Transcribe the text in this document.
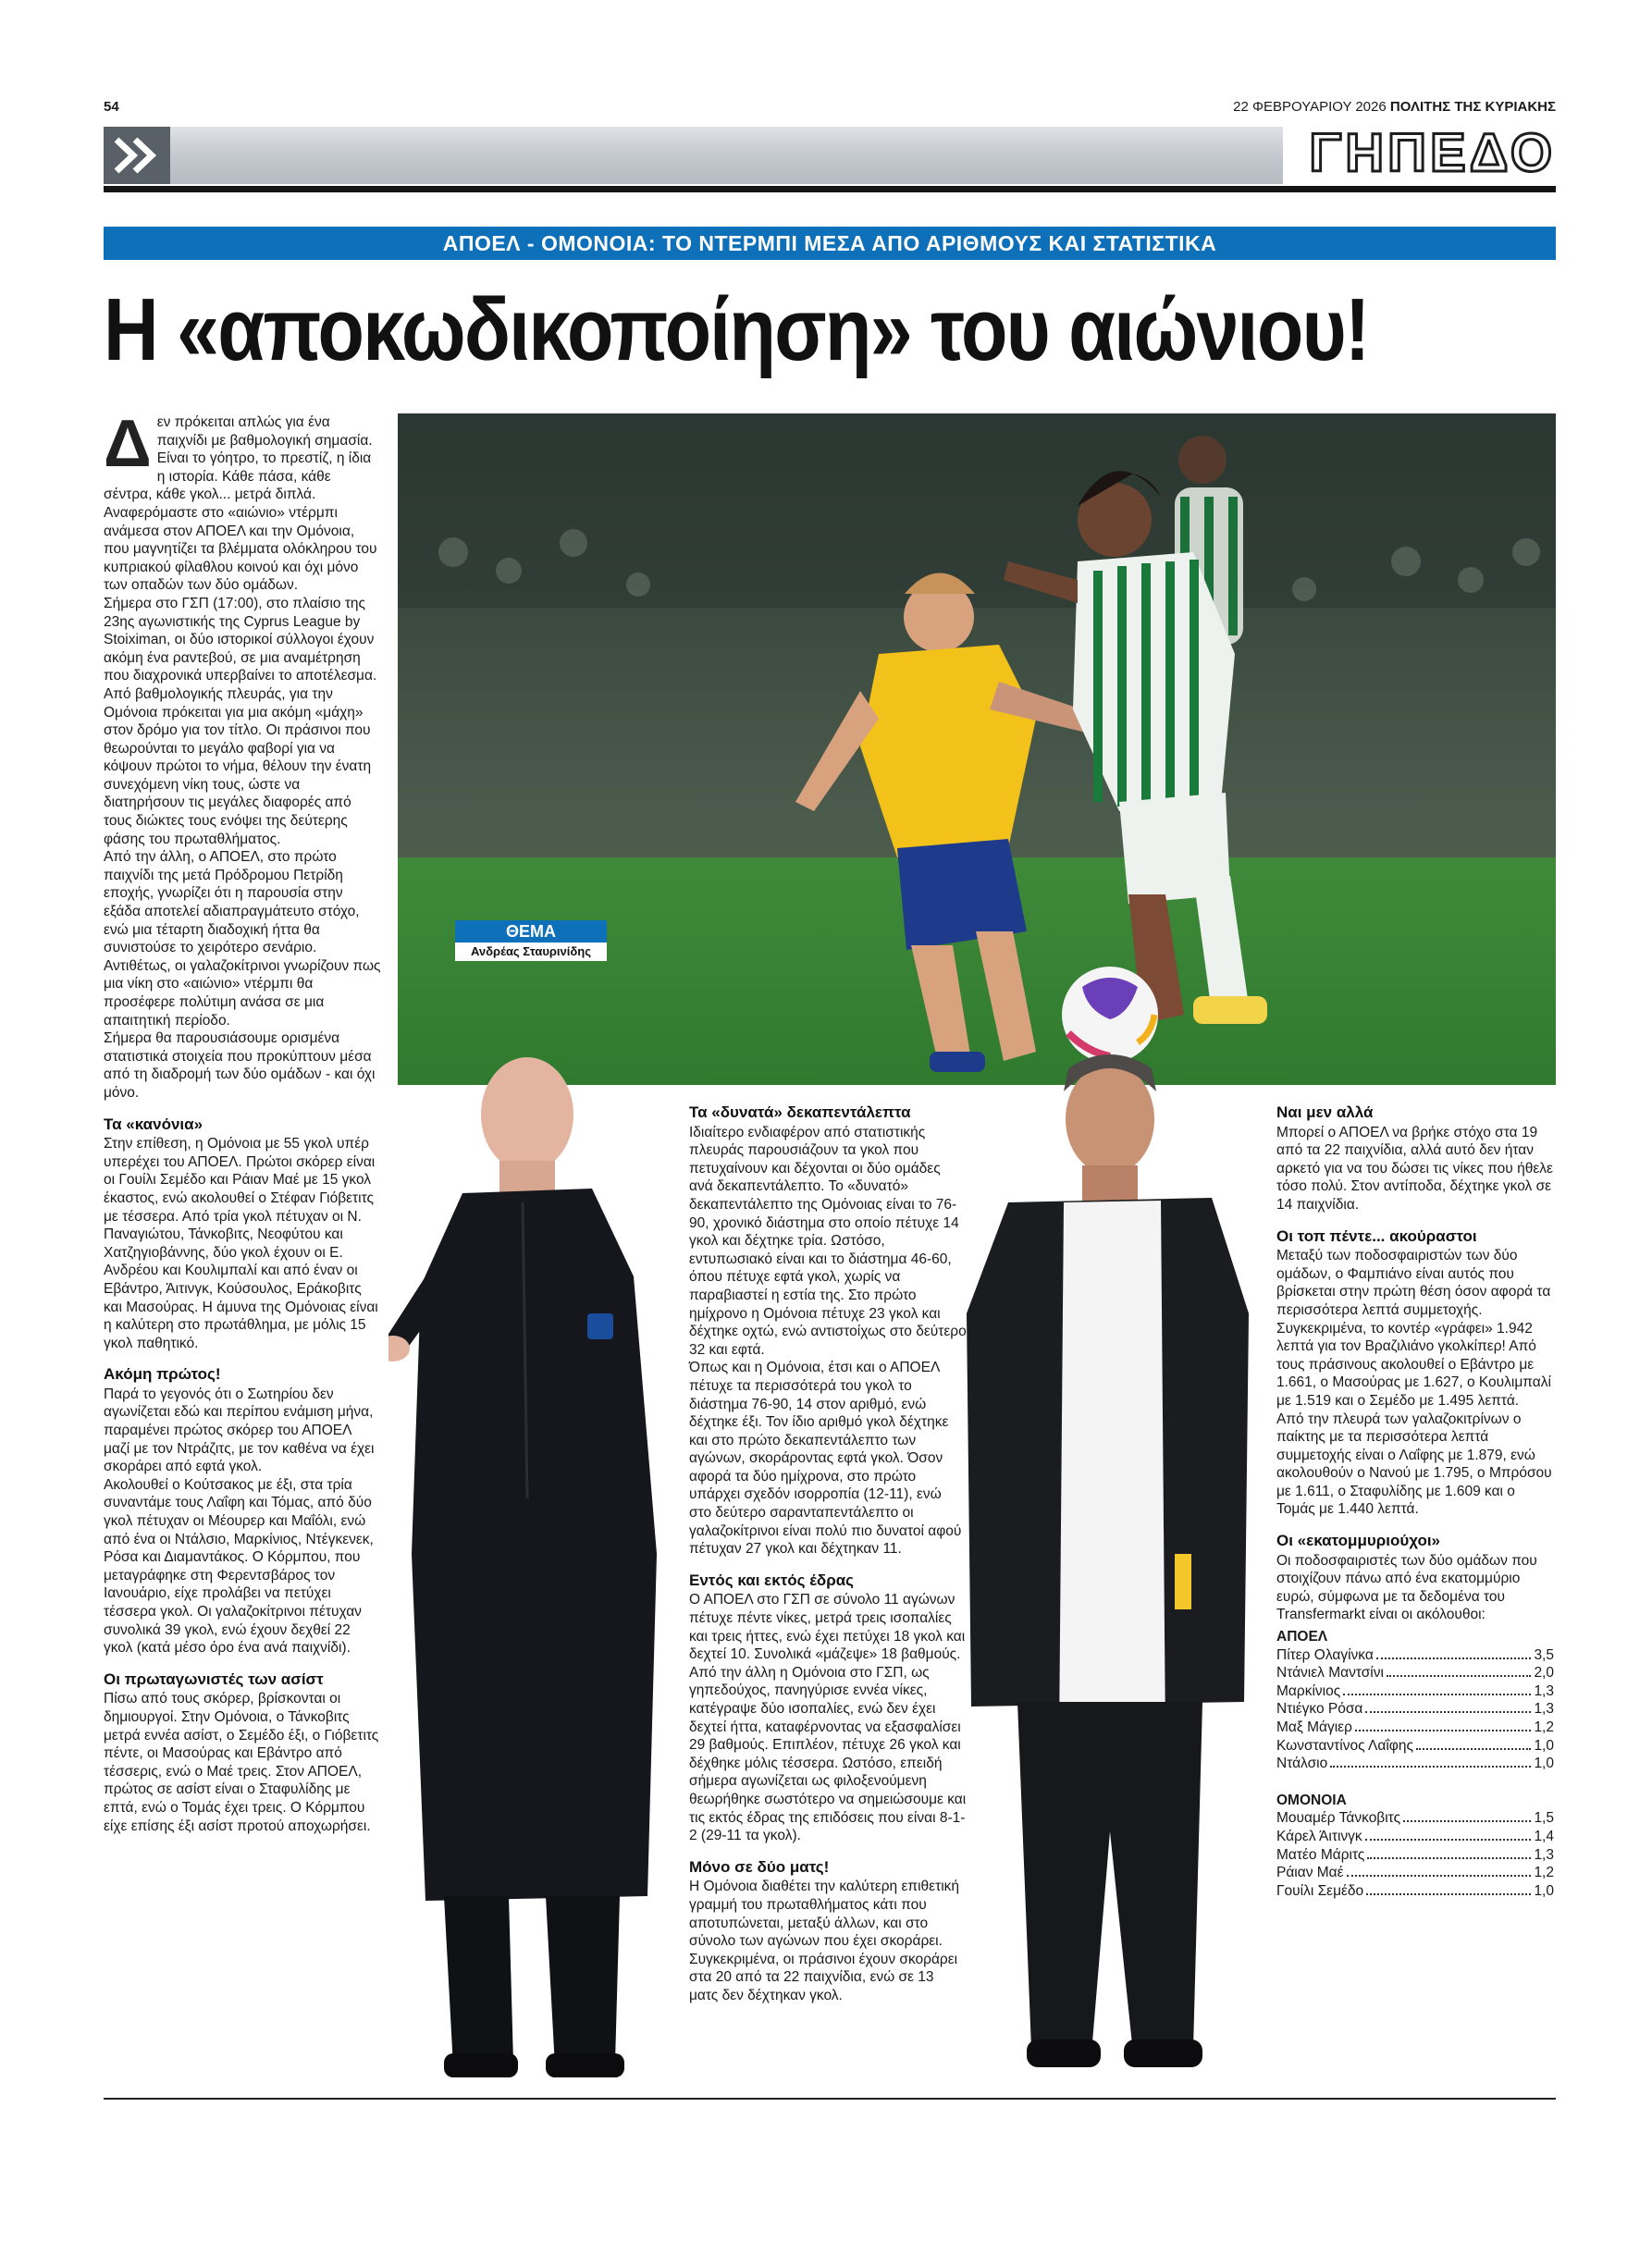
54	22 ΦΕΒΡΟΥΑΡΙΟΥ 2026 ΠΟΛΙΤΗΣ ΤΗΣ ΚΥΡΙΑΚΗΣ
ΓΗΠΕΔΟ
ΑΠΟΕΛ - ΟΜΟΝΟΙΑ: ΤΟ ΝΤΕΡΜΠΙ ΜΕΣΑ ΑΠΟ ΑΡΙΘΜΟΥΣ ΚΑΙ ΣΤΑΤΙΣΤΙΚΑ
Η «αποκωδικοποίηση» του αιώνιου!
ΘΕΜΑ
Ανδρέας Σταυρινίδης

Δεν πρόκειται απλώς για ένα παιχνίδι με βαθμολογική σημασία. Είναι το γόητρο, το πρεστίζ, η ίδια η ιστορία. Κάθε πάσα, κάθε σέντρα, κάθε γκολ... μετρά διπλά. Αναφερόμαστε στο «αιώνιο» ντέρμπι ανάμεσα στον ΑΠΟΕΛ και την Ομόνοια, που μαγνητίζει τα βλέμματα ολόκληρου του κυπριακού φίλαθλου κοινού και όχι μόνο των οπαδών των δύο ομάδων.

Σήμερα στο ΓΣΠ (17:00), στο πλαίσιο της 23ης αγωνιστικής της Cyprus League by Stoiximan, οι δύο ιστορικοί σύλλογοι έχουν ακόμη ένα ραντεβού, σε μια αναμέτρηση που διαχρονικά υπερβαίνει το αποτέλεσμα.

Από βαθμολογικής πλευράς, για την Ομόνοια πρόκειται για μια ακόμη «μάχη» στον δρόμο για τον τίτλο. Οι πράσινοι που θεωρούνται το μεγάλο φαβορί για να κόψουν πρώτοι το νήμα, θέλουν την ένατη συνεχόμενη νίκη τους, ώστε να διατηρήσουν τις μεγάλες διαφορές από τους διώκτες τους ενόψει της δεύτερης φάσης του πρωταθλήματος.

Από την άλλη, ο ΑΠΟΕΛ, στο πρώτο παιχνίδι της μετά Πρόδρομου Πετρίδη εποχής, γνωρίζει ότι η παρουσία στην εξάδα αποτελεί αδιαπραγμάτευτο στόχο, ενώ μια τέταρτη διαδοχική ήττα θα συνιστούσε το χειρότερο σενάριο. Αντιθέτως, οι γαλαζοκίτρινοι γνωρίζουν πως μια νίκη στο «αιώνιο» ντέρμπι θα προσέφερε πολύτιμη ανάσα σε μια απαιτητική περίοδο.

Σήμερα θα παρουσιάσουμε ορισμένα στατιστικά στοιχεία που προκύπτουν μέσα από τη διαδρομή των δύο ομάδων - και όχι μόνο.

Τα «κανόνια»

Στην επίθεση, η Ομόνοια με 55 γκολ υπέρ υπερέχει του ΑΠΟΕΛ. Πρώτοι σκόρερ είναι οι Γουίλι Σεμέδο και Ράιαν Μαέ με 15 γκολ έκαστος, ενώ ακολουθεί ο Στέφαν Γιόβετιτς με τέσσερα. Από τρία γκολ πέτυχαν οι Ν. Παναγιώτου, Τάνκοβιτς, Νεοφύτου και Χατζηγιοβάννης, δύο γκολ έχουν οι Ε. Ανδρέου και Κουλιμπαλί και από έναν οι Εβάντρο, Άιτινγκ, Κούσουλος, Εράκοβιτς και Μασούρας. Η άμυνα της Ομόνοιας είναι η καλύτερη στο πρωτάθλημα, με μόλις 15 γκολ παθητικό.

Ακόμη πρώτος!

Παρά το γεγονός ότι ο Σωτηρίου δεν αγωνίζεται εδώ και περίπου ενάμιση μήνα, παραμένει πρώτος σκόρερ του ΑΠΟΕΛ μαζί με τον Ντράζιτς, με τον καθένα να έχει σκοράρει από εφτά γκολ.

Ακολουθεί ο Κούτσακος με έξι, στα τρία συναντάμε τους Λαΐφη και Τόμας, από δύο γκολ πέτυχαν οι Μέουρερ και Μαΐόλι, ενώ από ένα οι Ντάλσιο, Μαρκίνιος, Ντέγκενεκ, Ρόσα και Διαμαντάκος. Ο Κόρμπου, που μεταγράφηκε στη Φερεντσβάρος τον Ιανουάριο, είχε προλάβει να πετύχει τέσσερα γκολ. Οι γαλαζοκίτρινοι πέτυχαν συνολικά 39 γκολ, ενώ έχουν δεχθεί 22 γκολ (κατά μέσο όρο ένα ανά παιχνίδι).

Οι πρωταγωνιστές των ασίστ

Πίσω από τους σκόρερ, βρίσκονται οι δημιουργοί. Στην Ομόνοια, ο Τάνκοβιτς μετρά εννέα ασίστ, ο Σεμέδο έξι, ο Γιόβετιτς πέντε, οι Μασούρας και Εβάντρο από τέσσερις, ενώ ο Μαέ τρεις. Στον ΑΠΟΕΛ, πρώτος σε ασίστ είναι ο Σταφυλίδης με επτά, ενώ ο Τομάς έχει τρεις. Ο Κόρμπου είχε επίσης έξι ασίστ προτού αποχωρήσει.

Τα «δυνατά» δεκαπεντάλεπτα

Ιδιαίτερο ενδιαφέρον από στατιστικής πλευράς παρουσιάζουν τα γκολ που πετυχαίνουν και δέχονται οι δύο ομάδες ανά δεκαπεντάλεπτο. Το «δυνατό» δεκαπεντάλεπτο της Ομόνοιας είναι το 76-90, χρονικό διάστημα στο οποίο πέτυχε 14 γκολ και δέχτηκε τρία. Ωστόσο, εντυπωσιακό είναι και το διάστημα 46-60, όπου πέτυχε εφτά γκολ, χωρίς να παραβιαστεί η εστία της. Στο πρώτο ημίχρονο η Ομόνοια πέτυχε 23 γκολ και δέχτηκε οχτώ, ενώ αντιστοίχως στο δεύτερο 32 και εφτά.

Όπως και η Ομόνοια, έτσι και ο ΑΠΟΕΛ πέτυχε τα περισσότερά του γκολ το διάστημα 76-90, 14 στον αριθμό, ενώ δέχτηκε έξι. Τον ίδιο αριθμό γκολ δέχτηκε και στο πρώτο δεκαπεντάλεπτο των αγώνων, σκοράροντας εφτά γκολ. Όσον αφορά τα δύο ημίχρονα, στο πρώτο υπάρχει σχεδόν ισορροπία (12-11), ενώ στο δεύτερο σαρανταπεντάλεπτο οι γαλαζοκίτρινοι είναι πολύ πιο δυνατοί αφού πέτυχαν 27 γκολ και δέχτηκαν 11.

Εντός και εκτός έδρας

Ο ΑΠΟΕΛ στο ΓΣΠ σε σύνολο 11 αγώνων πέτυχε πέντε νίκες, μετρά τρεις ισοπαλίες και τρεις ήττες, ενώ έχει πετύχει 18 γκολ και δεχτεί 10. Συνολικά «μάζεψε» 18 βαθμούς. Από την άλλη η Ομόνοια στο ΓΣΠ, ως γηπεδούχος, πανηγύρισε εννέα νίκες, κατέγραψε δύο ισοπαλίες, ενώ δεν έχει δεχτεί ήττα, καταφέρνοντας να εξασφαλίσει 29 βαθμούς. Επιπλέον, πέτυχε 26 γκολ και δέχθηκε μόλις τέσσερα. Ωστόσο, επειδή σήμερα αγωνίζεται ως φιλοξενούμενη θεωρήθηκε σωστότερο να σημειώσουμε και τις εκτός έδρας της επιδόσεις που είναι 8-1-2 (29-11 τα γκολ).

Μόνο σε δύο ματς!

Η Ομόνοια διαθέτει την καλύτερη επιθετική γραμμή του πρωταθλήματος κάτι που αποτυπώνεται, μεταξύ άλλων, και στο σύνολο των αγώνων που έχει σκοράρει. Συγκεκριμένα, οι πράσινοι έχουν σκοράρει στα 20 από τα 22 παιχνίδια, ενώ σε 13 ματς δεν δέχτηκαν γκολ.

Ναι μεν αλλά

Μπορεί ο ΑΠΟΕΛ να βρήκε στόχο στα 19 από τα 22 παιχνίδια, αλλά αυτό δεν ήταν αρκετό για να του δώσει τις νίκες που ήθελε τόσο πολύ. Στον αντίποδα, δέχτηκε γκολ σε 14 παιχνίδια.

Οι τοπ πέντε... ακούραστοι

Μεταξύ των ποδοσφαιριστών των δύο ομάδων, ο Φαμπιάνο είναι αυτός που βρίσκεται στην πρώτη θέση όσον αφορά τα περισσότερα λεπτά συμμετοχής. Συγκεκριμένα, το κοντέρ «γράφει» 1.942 λεπτά για τον Βραζιλιάνο γκολκίπερ! Από τους πράσινους ακολουθεί ο Εβάντρο με 1.661, ο Μασούρας με 1.627, ο Κουλιμπαλί με 1.519 και ο Σεμέδο με 1.495 λεπτά.

Από την πλευρά των γαλαζοκιτρίνων ο παίκτης με τα περισσότερα λεπτά συμμετοχής είναι ο Λαΐφης με 1.879, ενώ ακολουθούν ο Νανού με 1.795, ο Μπρόσου με 1.611, ο Σταφυλίδης με 1.609 και ο Τομάς με 1.440 λεπτά.

Οι «εκατομμυριούχοι»

Οι ποδοσφαιριστές των δύο ομάδων που στοιχίζουν πάνω από ένα εκατομμύριο ευρώ, σύμφωνα με τα δεδομένα του Transfermarkt είναι οι ακόλουθοι:

ΑΠΟΕΛ
Πίτερ Ολαγίνκα	3,5
Ντάνιελ Μαντσίνι	2,0
Μαρκίνιος	1,3
Ντιέγκο Ρόσα	1,3
Μαξ Μάγιερ	1,2
Κωνσταντίνος Λαΐφης	1,0
Ντάλσιο	1,0
ΟΜΟΝΟΙΑ
Μουαμέρ Τάνκοβιτς	1,5
Κάρελ Άιτινγκ	1,4
Ματέο Μάριτς	1,3
Ράιαν Μαέ	1,2
Γουίλι Σεμέδο	1,0
